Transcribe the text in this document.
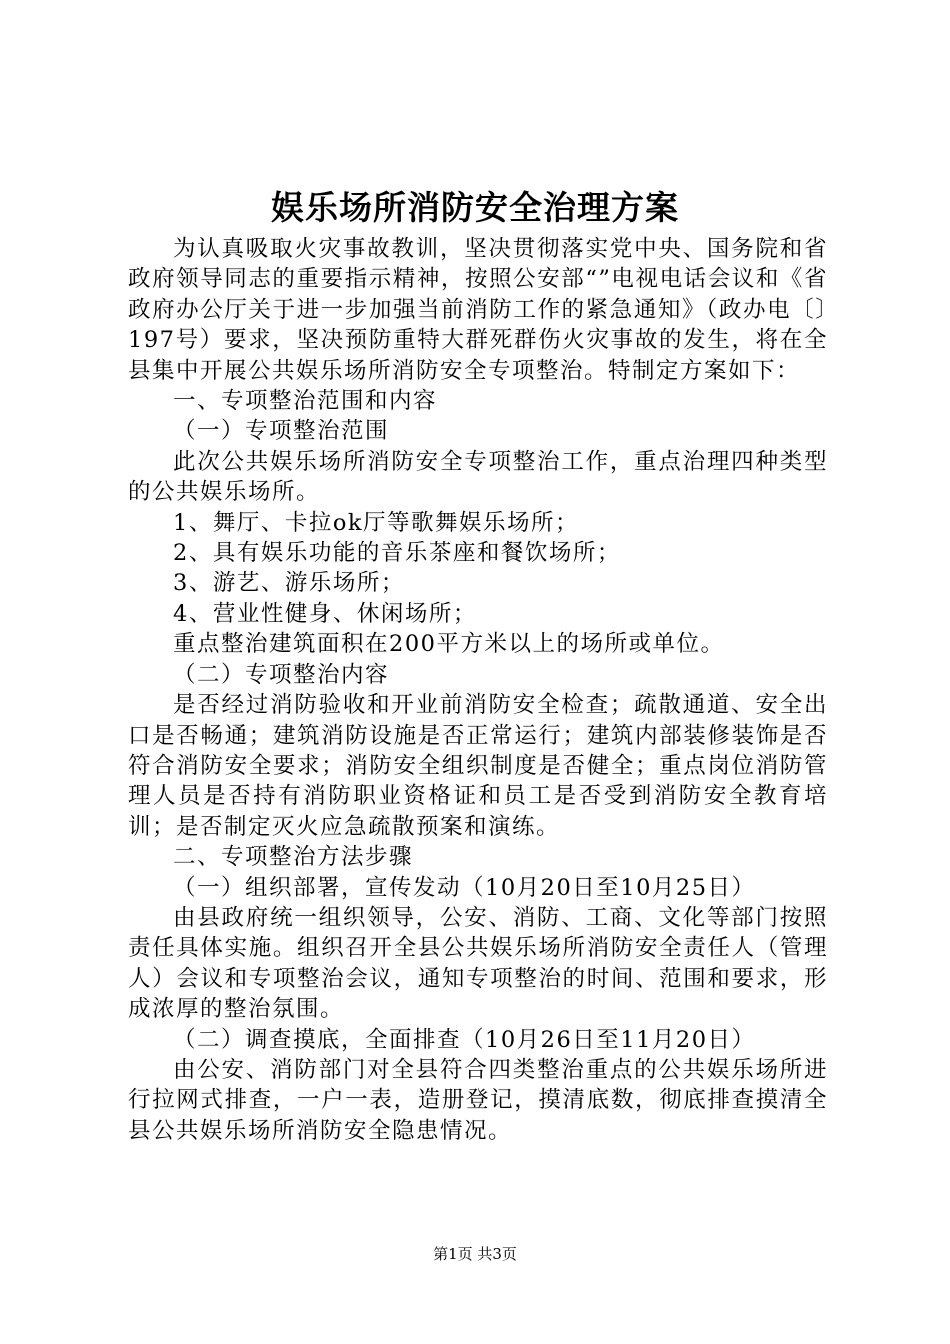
娱乐场所消防安全治理方案

为认真吸取火灾事故教训，坚决贯彻落实党中央、国务院和省政府领导同志的重要指示精神，按照公安部“”电视电话会议和《省政府办公厅关于进一步加强当前消防工作的紧急通知》（政办电〔〕197号）要求，坚决预防重特大群死群伤火灾事故的发生，将在全县集中开展公共娱乐场所消防安全专项整治。特制定方案如下：

一、专项整治范围和内容

（一）专项整治范围

此次公共娱乐场所消防安全专项整治工作，重点治理四种类型的公共娱乐场所。

1、舞厅、卡拉ok厅等歌舞娱乐场所；

2、具有娱乐功能的音乐茶座和餐饮场所；

3、游艺、游乐场所；

4、营业性健身、休闲场所；

重点整治建筑面积在200平方米以上的场所或单位。

（二）专项整治内容

是否经过消防验收和开业前消防安全检查；疏散通道、安全出口是否畅通；建筑消防设施是否正常运行；建筑内部装修装饰是否符合消防安全要求；消防安全组织制度是否健全；重点岗位消防管理人员是否持有消防职业资格证和员工是否受到消防安全教育培训；是否制定灭火应急疏散预案和演练。

二、专项整治方法步骤

（一）组织部署，宣传发动（10月20日至10月25日）

由县政府统一组织领导，公安、消防、工商、文化等部门按照责任具体实施。组织召开全县公共娱乐场所消防安全责任人（管理人）会议和专项整治会议，通知专项整治的时间、范围和要求，形成浓厚的整治氛围。

（二）调查摸底，全面排查（10月26日至11月20日）

由公安、消防部门对全县符合四类整治重点的公共娱乐场所进行拉网式排查，一户一表，造册登记，摸清底数，彻底排查摸清全县公共娱乐场所消防安全隐患情况。

第1页 共3页
